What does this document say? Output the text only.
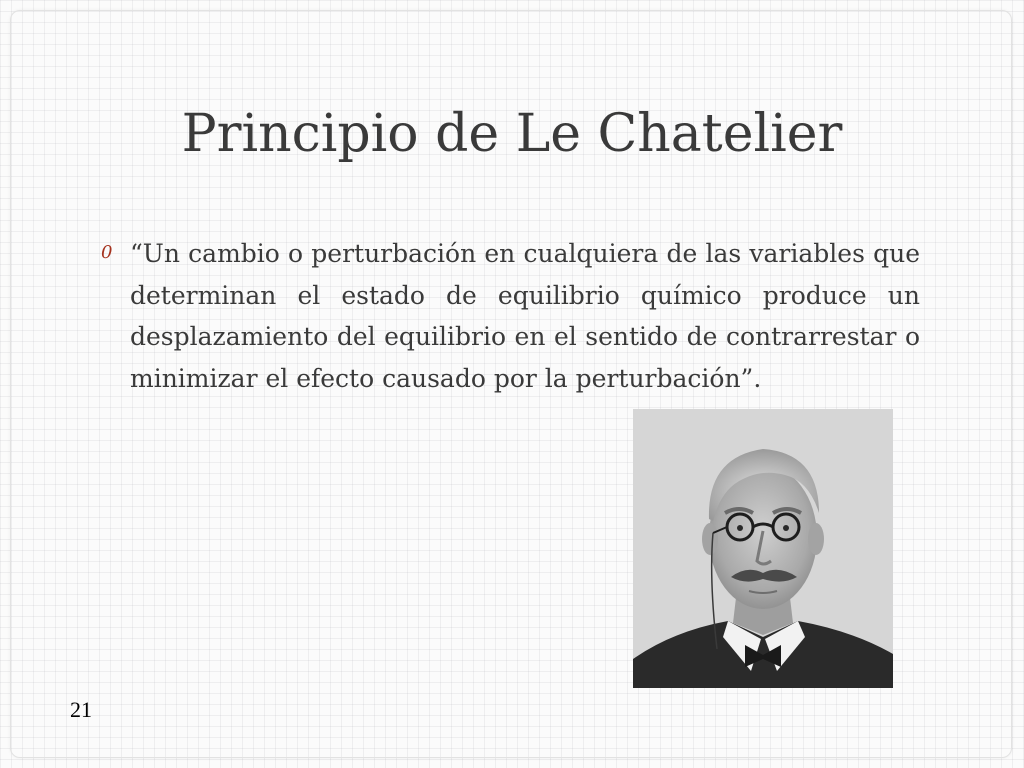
Principio de Le Chatelier
0 “Un cambio o perturbación en cualquiera de las variables que determinan el estado de equilibrio químico produce un desplazamiento del equilibrio en el sentido de contrarrestar o minimizar el efecto causado por la perturbación”.

21
